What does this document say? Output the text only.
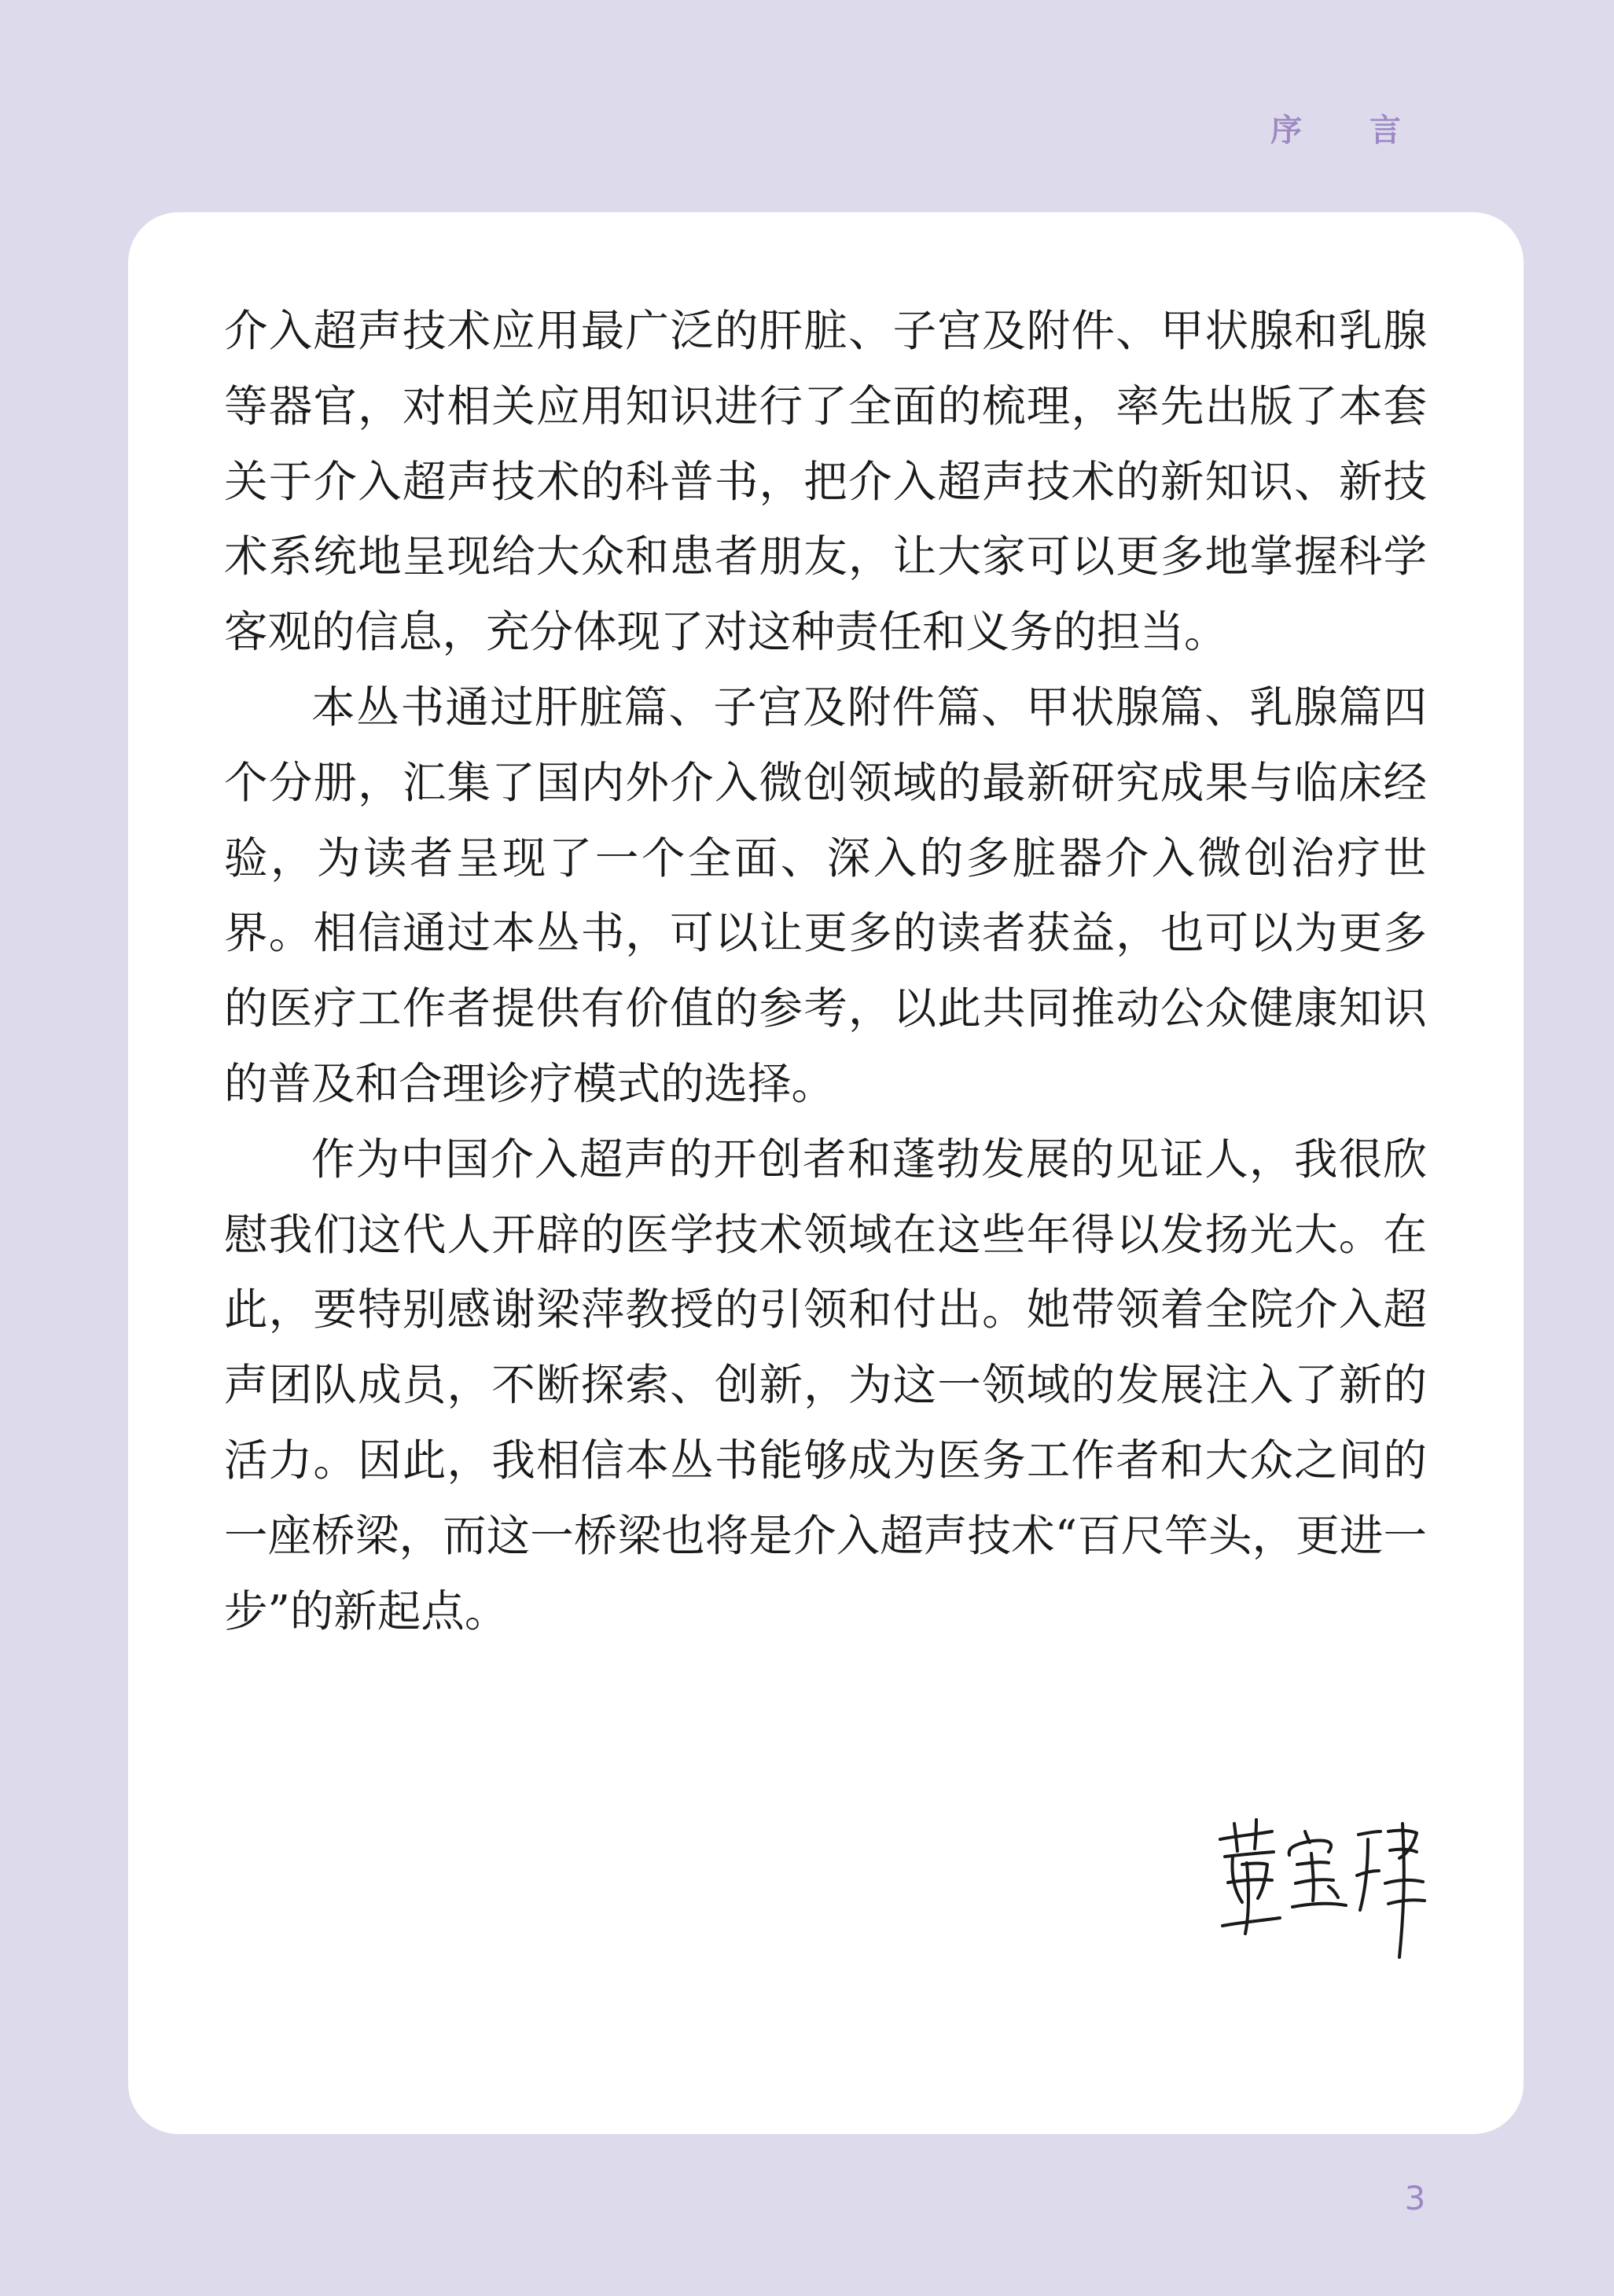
序 言

介入超声技术应用最广泛的肝脏、子宫及附件、甲状腺和乳腺等器官，对相关应用知识进行了全面的梳理，率先出版了本套关于介入超声技术的科普书，把介入超声技术的新知识、新技术系统地呈现给大众和患者朋友，让大家可以更多地掌握科学客观的信息，充分体现了对这种责任和义务的担当。

本丛书通过肝脏篇、子宫及附件篇、甲状腺篇、乳腺篇四个分册，汇集了国内外介入微创领域的最新研究成果与临床经验，为读者呈现了一个全面、深入的多脏器介入微创治疗世界。相信通过本丛书，可以让更多的读者获益，也可以为更多的医疗工作者提供有价值的参考，以此共同推动公众健康知识的普及和合理诊疗模式的选择。

作为中国介入超声的开创者和蓬勃发展的见证人，我很欣慰我们这代人开辟的医学技术领域在这些年得以发扬光大。在此，要特别感谢梁萍教授的引领和付出。她带领着全院介入超声团队成员，不断探索、创新，为这一领域的发展注入了新的活力。因此，我相信本丛书能够成为医务工作者和大众之间的一座桥梁，而这一桥梁也将是介入超声技术“百尺竿头，更进一步”的新起点。

3
